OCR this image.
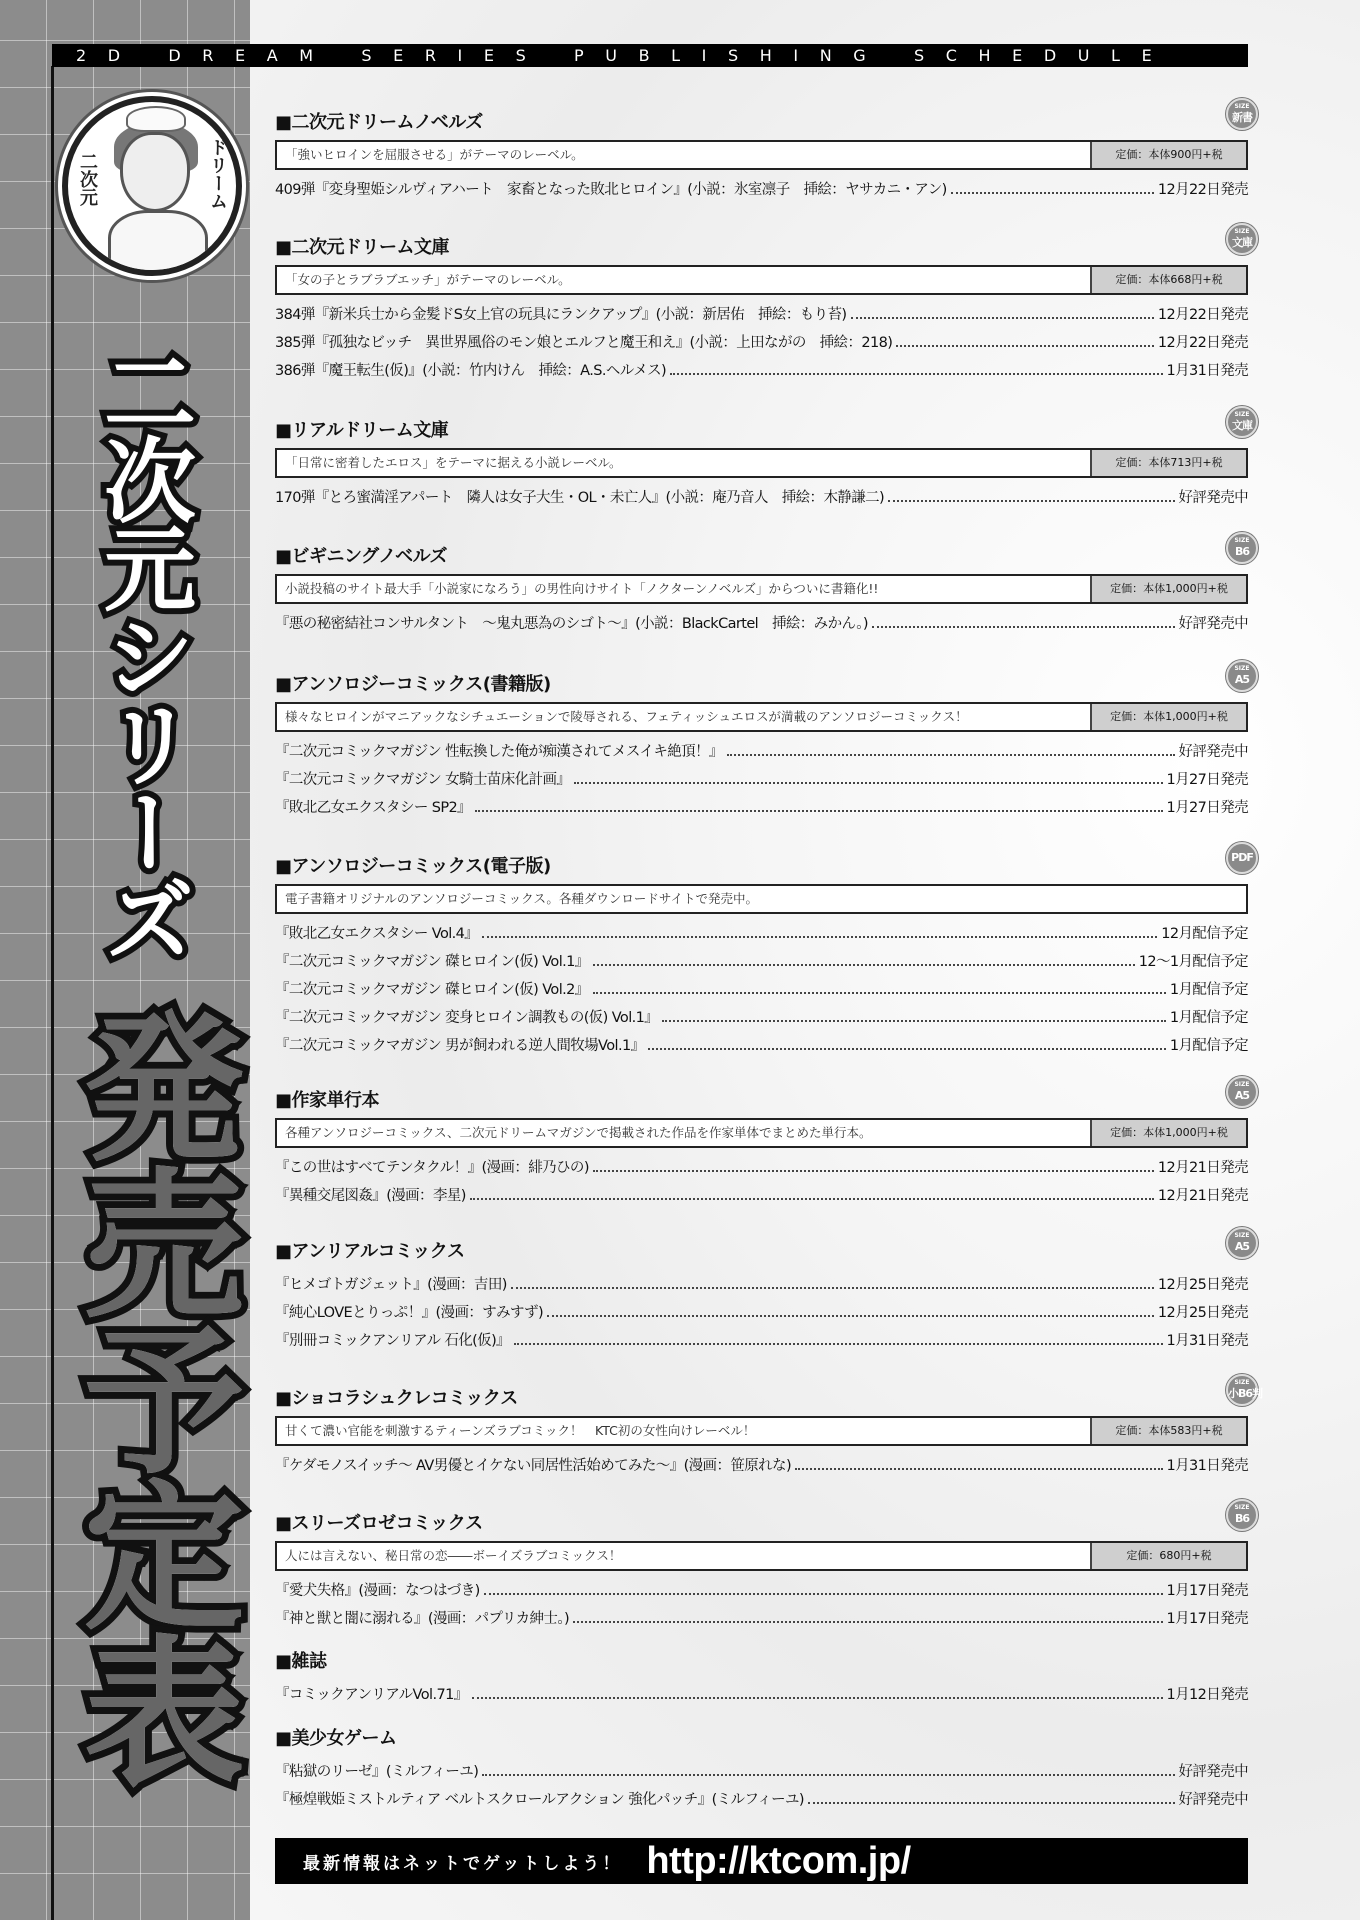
2D DREAM SERIES PUBLISHING SCHEDULE
二次元	ドリーム
二次元シリーズ
発売予定表
■二次元ドリームノベルズ
SIZE
新書
「強いヒロインを屈服させる」がテーマのレーベル。	定価：本体900円+税
409弾『変身聖姫シルヴィアハート　家畜となった敗北ヒロイン』(小説：氷室凛子　挿絵：ヤサカニ・アン)	12月22日発売
■二次元ドリーム文庫
SIZE
文庫
「女の子とラブラブエッチ」がテーマのレーベル。	定価：本体668円+税
384弾『新米兵士から金髪ドS女上官の玩具にランクアップ』(小説：新居佑　挿絵：もり苔)	12月22日発売
385弾『孤独なビッチ　異世界風俗のモン娘とエルフと魔王和え』(小説：上田ながの　挿絵：218)	12月22日発売
386弾『魔王転生(仮)』(小説：竹内けん　挿絵：A.S.ヘルメス)	1月31日発売
■リアルドリーム文庫
SIZE
文庫
「日常に密着したエロス」をテーマに据える小説レーベル。	定価：本体713円+税
170弾『とろ蜜満淫アパート　隣人は女子大生・OL・未亡人』(小説：庵乃音人　挿絵：木静謙二)	好評発売中
■ビギニングノベルズ
SIZE
B6
小説投稿のサイト最大手「小説家になろう」の男性向けサイト「ノクターンノベルズ」からついに書籍化!!	定価：本体1,000円+税
『悪の秘密結社コンサルタント　～鬼丸悪為のシゴト～』(小説：BlackCartel　挿絵：みかん。)	好評発売中
■アンソロジーコミックス(書籍版)
SIZE
A5
様々なヒロインがマニアックなシチュエーションで陵辱される、フェティッシュエロスが満載のアンソロジーコミックス！	定価：本体1,000円+税
『二次元コミックマガジン 性転換した俺が痴漢されてメスイキ絶頂！』	好評発売中
『二次元コミックマガジン 女騎士苗床化計画』	1月27日発売
『敗北乙女エクスタシー SP2』	1月27日発売
■アンソロジーコミックス(電子版)	PDF
電子書籍オリジナルのアンソロジーコミックス。各種ダウンロードサイトで発売中。
『敗北乙女エクスタシー Vol.4』	12月配信予定
『二次元コミックマガジン 磔ヒロイン(仮) Vol.1』	12～1月配信予定
『二次元コミックマガジン 磔ヒロイン(仮) Vol.2』	1月配信予定
『二次元コミックマガジン 変身ヒロイン調教もの(仮) Vol.1』	1月配信予定
『二次元コミックマガジン 男が飼われる逆人間牧場Vol.1』	1月配信予定
■作家単行本
SIZE
A5
各種アンソロジーコミックス、二次元ドリームマガジンで掲載された作品を作家単体でまとめた単行本。	定価：本体1,000円+税
『この世はすべてテンタクル！』(漫画：緋乃ひの)	12月21日発売
『異種交尾図姦』(漫画：李星)	12月21日発売
■アンリアルコミックス
SIZE
A5
『ヒメゴトガジェット』(漫画：吉田)	12月25日発売
『純心LOVEとりっぷ！』(漫画：すみすず)	12月25日発売
『別冊コミックアンリアル 石化(仮)』	1月31日発売
■ショコラシュクレコミックス
SIZE
小B6判
甘くて濃い官能を刺激するティーンズラブコミック！　KTC初の女性向けレーベル！	定価：本体583円+税
『ケダモノスイッチ～ AV男優とイケない同居性活始めてみた～』(漫画：笹原れな)	1月31日発売
■スリーズロゼコミックス
SIZE
B6
人には言えない、秘日常の恋――ボーイズラブコミックス！	定価：680円+税
『愛犬失格』(漫画：なつはづき)	1月17日発売
『神と獣と闇に溺れる』(漫画：パプリカ紳士。)	1月17日発売
■雑誌
『コミックアンリアルVol.71』	1月12日発売
■美少女ゲーム
『粘獄のリーゼ』(ミルフィーユ)	好評発売中
『極煌戦姫ミストルティア ベルトスクロールアクション 強化パッチ』(ミルフィーユ)	好評発売中
最新情報はネットでゲットしよう！ http://ktcom.jp/
